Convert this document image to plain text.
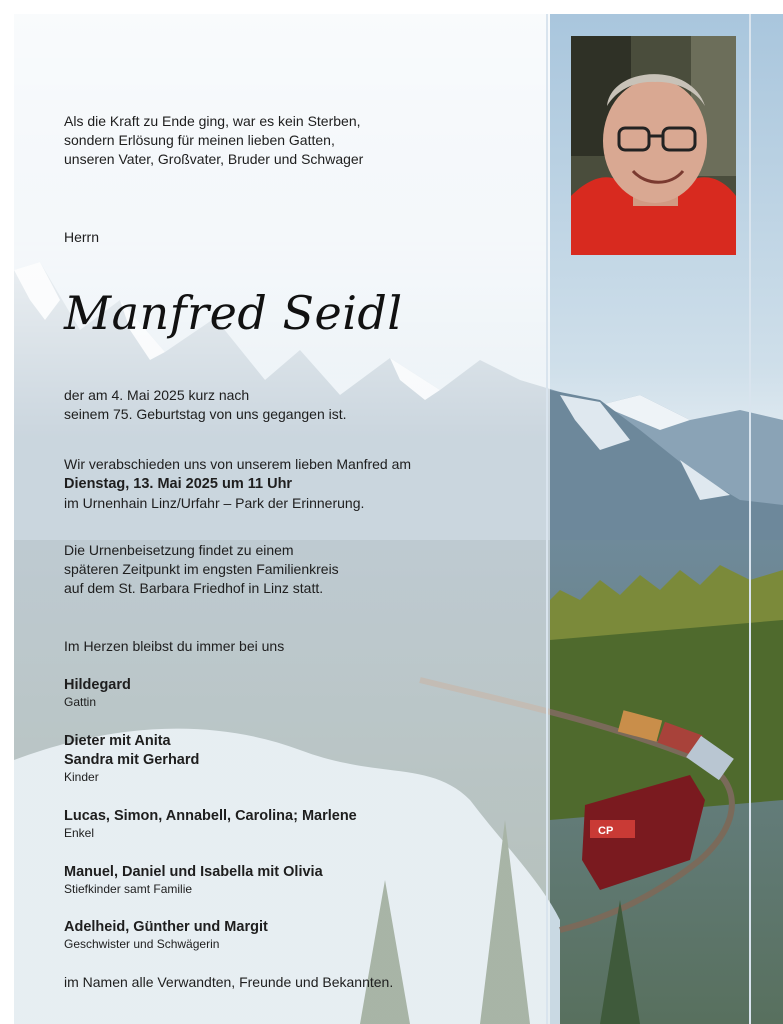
CP
Als die Kraft zu Ende ging, war es kein Sterben,
sondern Erlösung für meinen lieben Gatten,
unseren Vater, Großvater, Bruder und Schwager
Herrn
Manfred Seidl
der am 4. Mai 2025 kurz nach
seinem 75. Geburtstag von uns gegangen ist.
Wir verabschieden uns von unserem lieben Manfred am
Dienstag, 13. Mai 2025 um 11 Uhr
im Urnenhain Linz/Urfahr – Park der Erinnerung.
Die Urnenbeisetzung findet zu einem
späteren Zeitpunkt im engsten Familienkreis
auf dem St. Barbara Friedhof in Linz statt.
Im Herzen bleibst du immer bei uns
Hildegard
Gattin
Dieter mit Anita
Sandra mit Gerhard
Kinder
Lucas, Simon, Annabell, Carolina; Marlene
Enkel
Manuel, Daniel und Isabella mit Olivia
Stiefkinder samt Familie
Adelheid, Günther und Margit
Geschwister und Schwägerin
im Namen alle Verwandten, Freunde und Bekannten.
